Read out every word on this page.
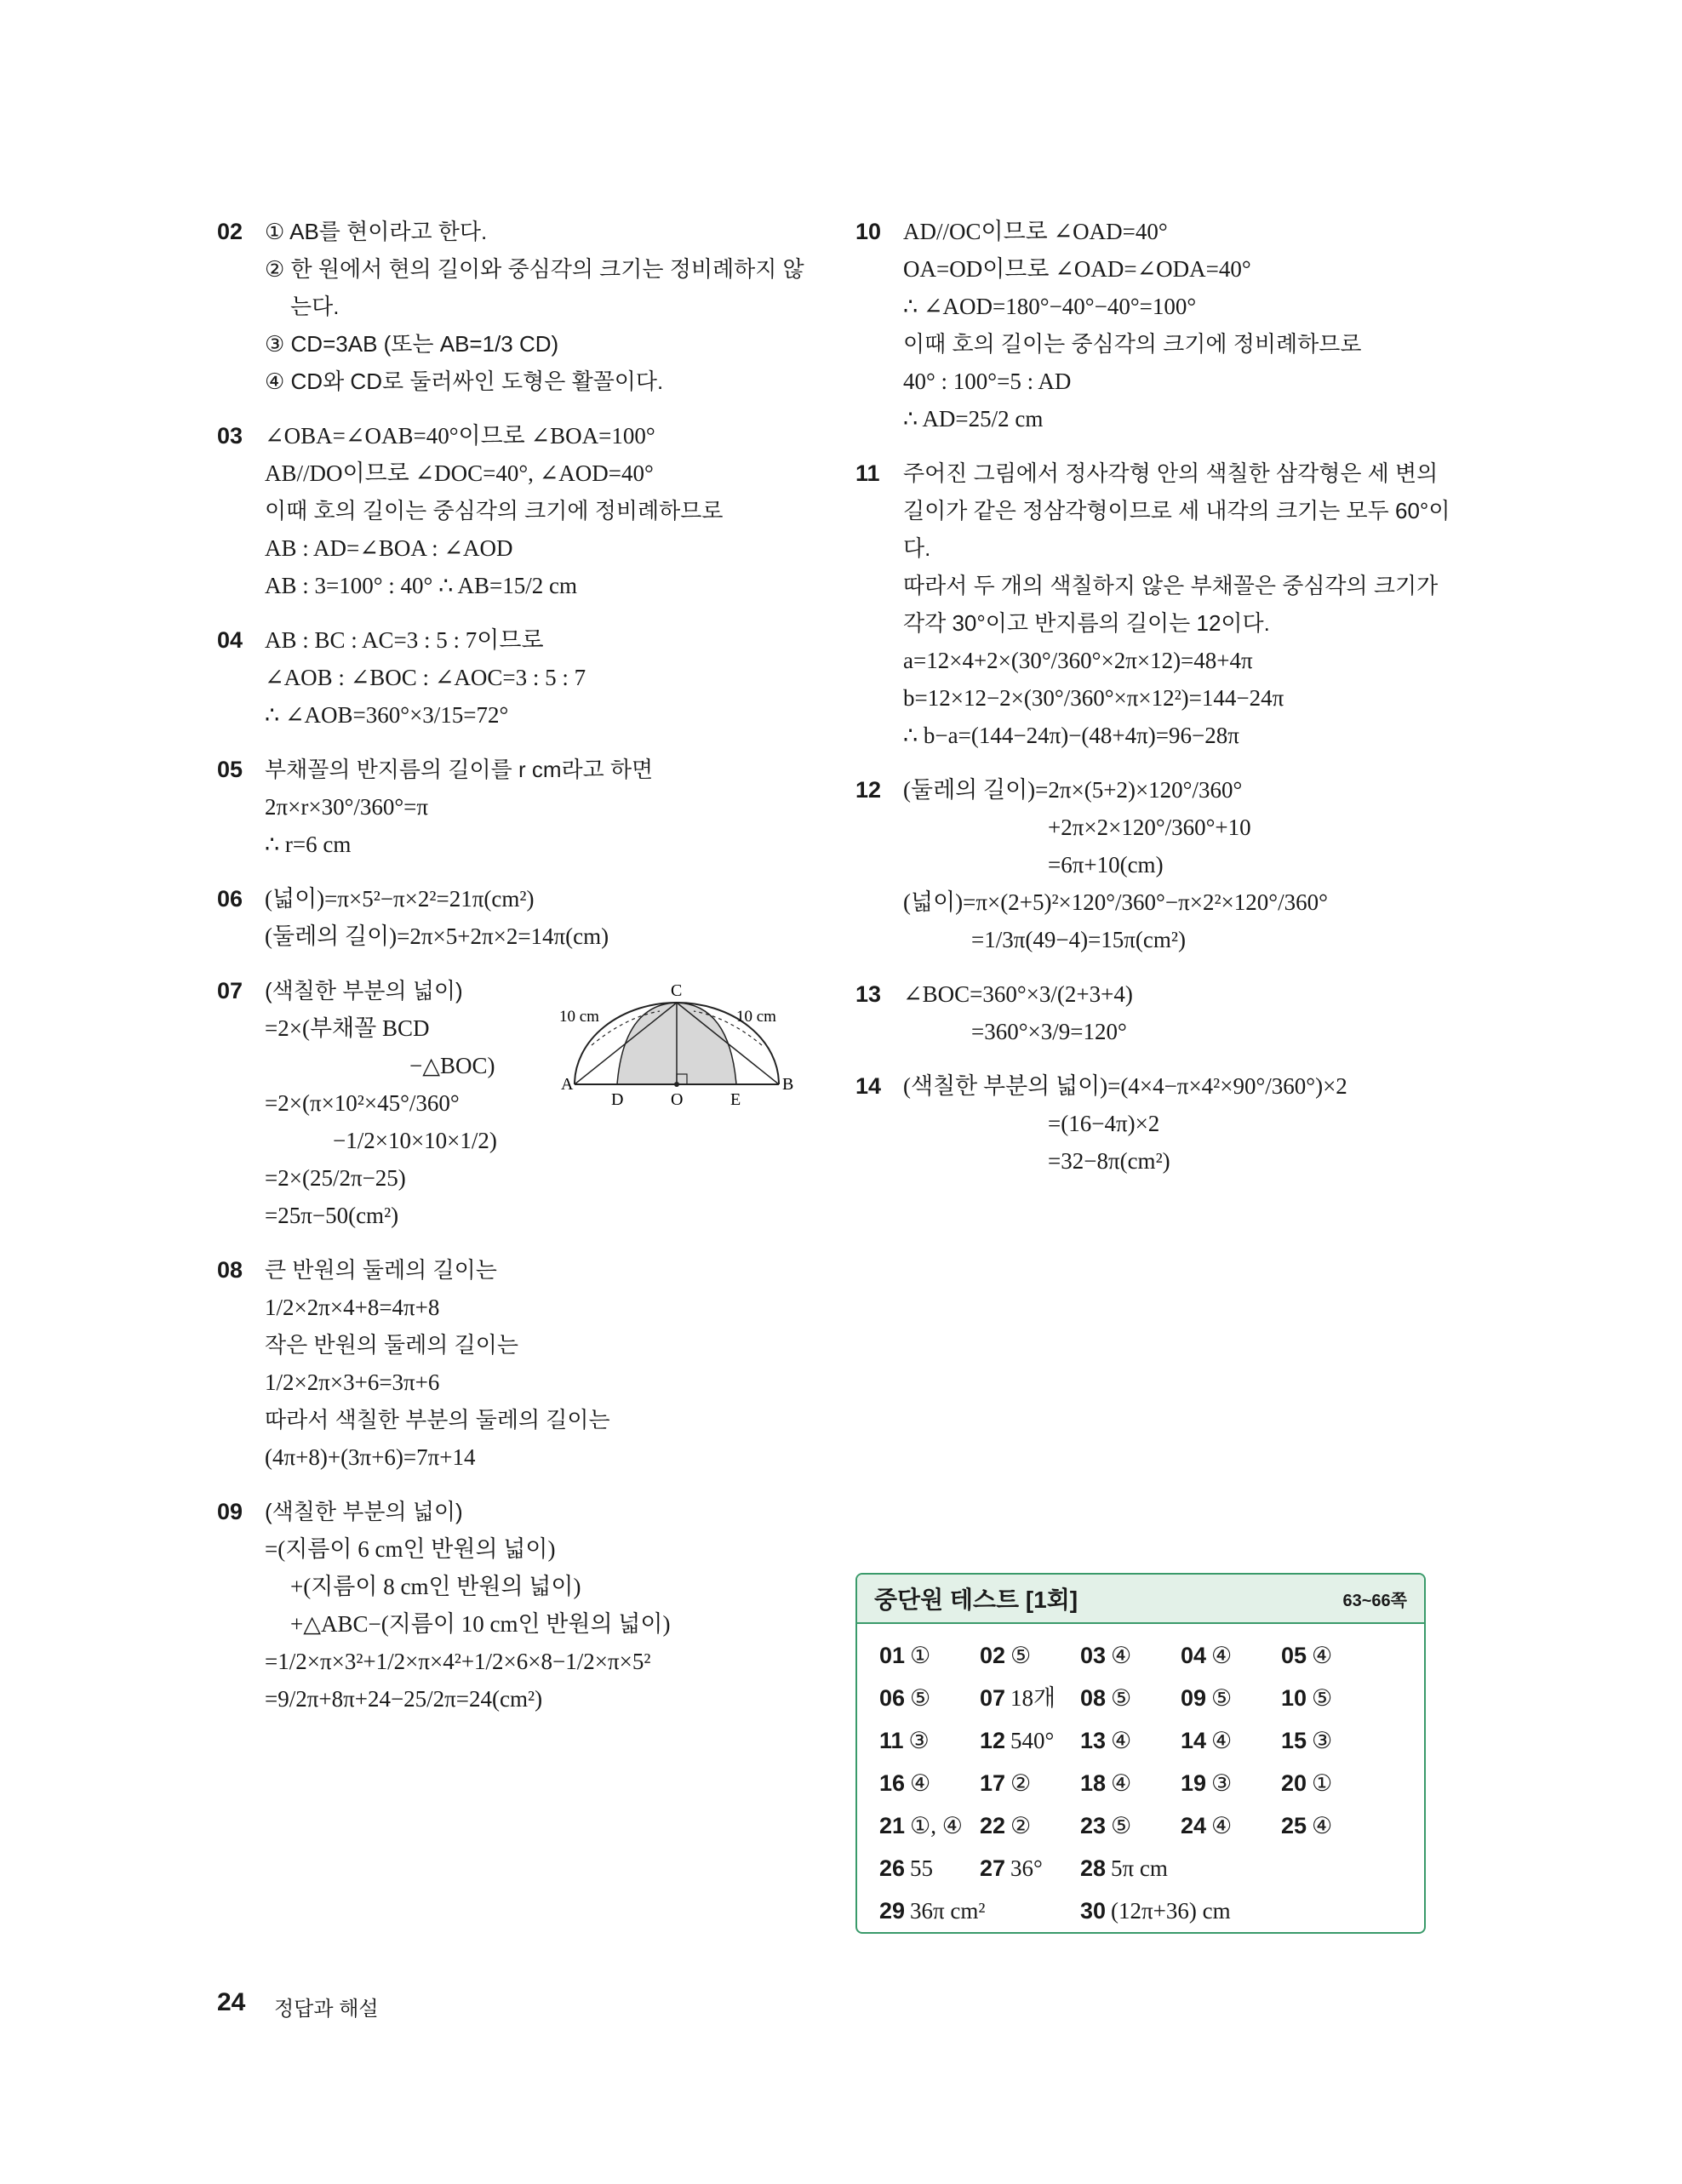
02 ① AB를 현이라고 한다.
② 한 원에서 현의 길이와 중심각의 크기는 정비례하지 않
는다.
③ CD=3AB (또는 AB=1/3 CD)
④ CD와 CD로 둘러싸인 도형은 활꼴이다.
03 ∠OBA=∠OAB=40°이므로 ∠BOA=100°
AB//DO이므로 ∠DOC=40°, ∠AOD=40°
이때 호의 길이는 중심각의 크기에 정비례하므로
AB : AD=∠BOA : ∠AOD
AB : 3=100° : 40° ∴ AB=15/2 cm
04 AB : BC : AC=3 : 5 : 7이므로
∠AOB : ∠BOC : ∠AOC=3 : 5 : 7
∴ ∠AOB=360°×3/15=72°
05 부채꼴의 반지름의 길이를 r cm라고 하면
2π×r×30°/360°=π
∴ r=6 cm
06 (넓이)=π×5²−π×2²=21π(cm²)
(둘레의 길이)=2π×5+2π×2=14π(cm)
07 (색칠한 부분의 넓이)
=2×(부채꼴 BCD
−△BOC)
=2×(π×10²×45°/360°
−1/2×10×10×1/2)
=2×(25/2π−25)
=25π−50(cm²)
A	B
C
D	O	E
10 cm	10 cm
08 큰 반원의 둘레의 길이는
1/2×2π×4+8=4π+8
작은 반원의 둘레의 길이는
1/2×2π×3+6=3π+6
따라서 색칠한 부분의 둘레의 길이는
(4π+8)+(3π+6)=7π+14
09 (색칠한 부분의 넓이)
=(지름이 6 cm인 반원의 넓이)
+(지름이 8 cm인 반원의 넓이)
+△ABC−(지름이 10 cm인 반원의 넓이)
=1/2×π×3²+1/2×π×4²+1/2×6×8−1/2×π×5²
=9/2π+8π+24−25/2π=24(cm²)
10 AD//OC이므로 ∠OAD=40°
OA=OD이므로 ∠OAD=∠ODA=40°
∴ ∠AOD=180°−40°−40°=100°
이때 호의 길이는 중심각의 크기에 정비례하므로
40° : 100°=5 : AD
∴ AD=25/2 cm
11 주어진 그림에서 정사각형 안의 색칠한 삼각형은 세 변의
길이가 같은 정삼각형이므로 세 내각의 크기는 모두 60°이
다.
따라서 두 개의 색칠하지 않은 부채꼴은 중심각의 크기가
각각 30°이고 반지름의 길이는 12이다.
a=12×4+2×(30°/360°×2π×12)=48+4π
b=12×12−2×(30°/360°×π×12²)=144−24π
∴ b−a=(144−24π)−(48+4π)=96−28π
12 (둘레의 길이)=2π×(5+2)×120°/360°
+2π×2×120°/360°+10
=6π+10(cm)
(넓이)=π×(2+5)²×120°/360°−π×2²×120°/360°
=1/3π(49−4)=15π(cm²)
13 ∠BOC=360°×3/(2+3+4)
=360°×3/9=120°
14 (색칠한 부분의 넓이)=(4×4−π×4²×90°/360°)×2
=(16−4π)×2
=32−8π(cm²)
중단원 테스트 [1회]	63~66쪽
01 ① 02 ⑤ 03 ④ 04 ④ 05 ④
06 ⑤ 07 18개 08 ⑤ 09 ⑤ 10 ⑤
11 ③ 12 540° 13 ④ 14 ④ 15 ③
16 ④ 17 ② 18 ④ 19 ③ 20 ①
21 ①, ④ 22 ② 23 ⑤ 24 ④ 25 ④
26 55 27 36° 28 5π cm
29 36π cm²	30 (12π+36) cm
24 정답과 해설
